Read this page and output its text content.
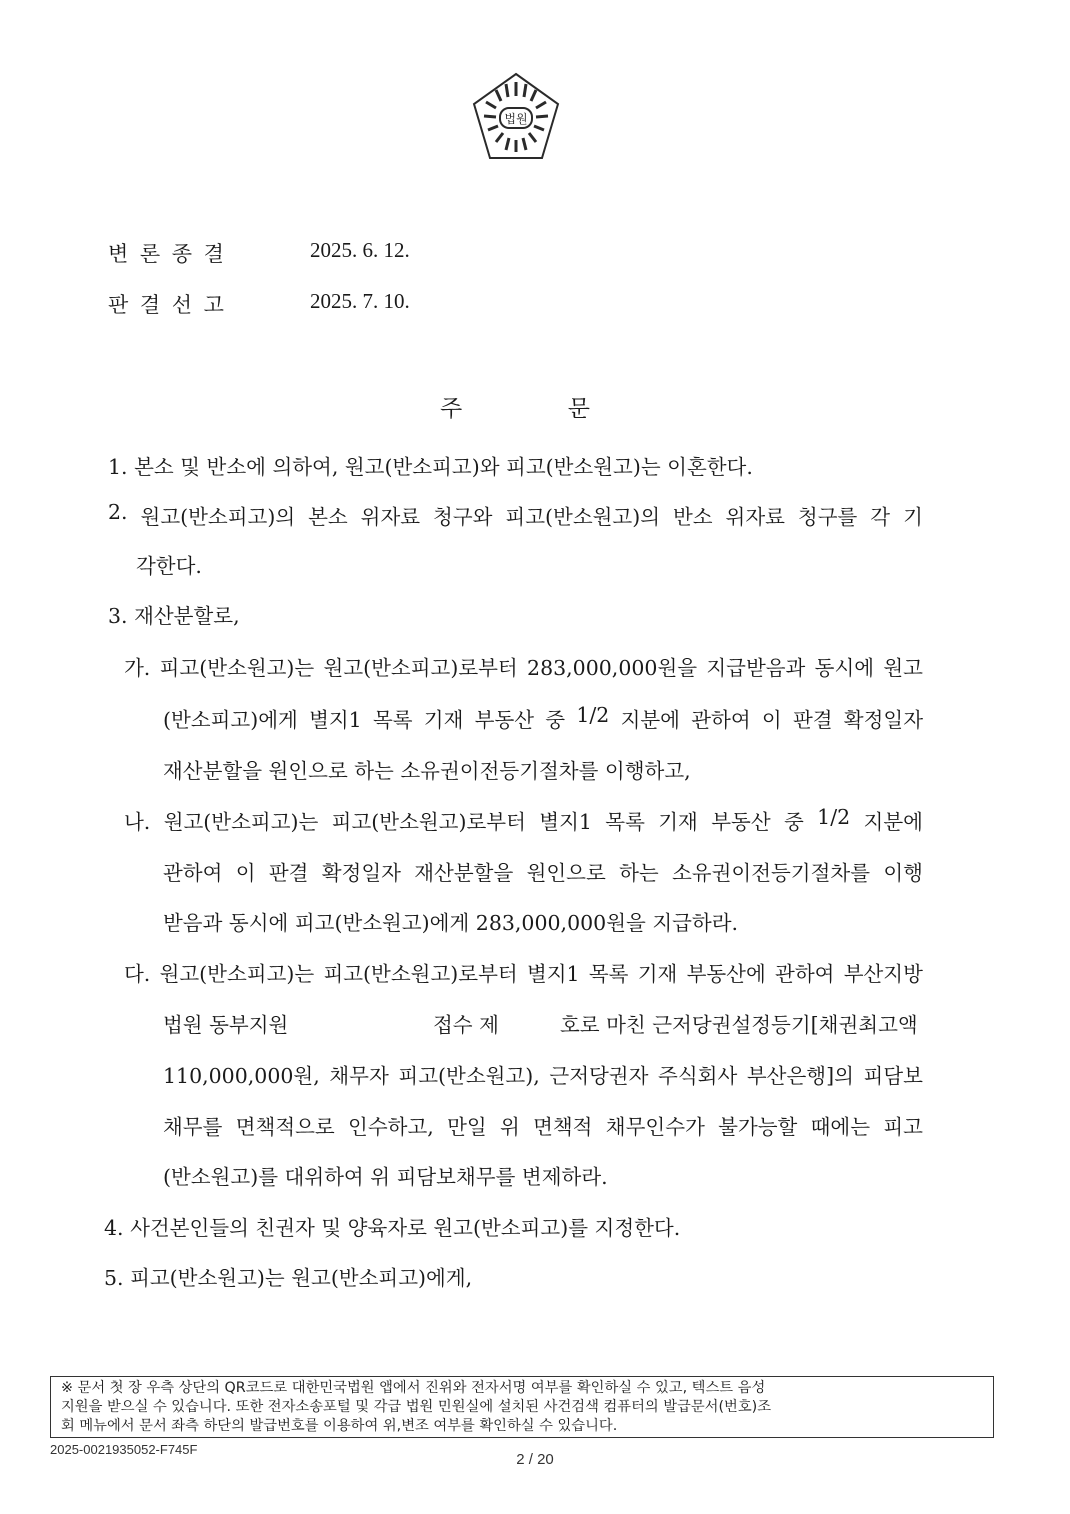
법원
변 론 종 결	2025. 6. 12.
판 결 선 고	2025. 7. 10.
주	문
1. 본소 및 반소에 의하여, 원고(반소피고)와 피고(반소원고)는 이혼한다.
2. 원고(반소피고)의 본소 위자료 청구와 피고(반소원고)의 반소 위자료 청구를 각 기
각한다.
3. 재산분할로,
가. 피고(반소원고)는 원고(반소피고)로부터 283,000,000원을 지급받음과 동시에 원고
(반소피고)에게 별지1 목록 기재 부동산 중 1/2 지분에 관하여 이 판결 확정일자
재산분할을 원인으로 하는 소유권이전등기절차를 이행하고,
나. 원고(반소피고)는 피고(반소원고)로부터 별지1 목록 기재 부동산 중 1/2 지분에
관하여 이 판결 확정일자 재산분할을 원인으로 하는 소유권이전등기절차를 이행
받음과 동시에 피고(반소원고)에게 283,000,000원을 지급하라.
다. 원고(반소피고)는 피고(반소원고)로부터 별지1 목록 기재 부동산에 관하여 부산지방
법원 동부지원	접수 제	호로 마친 근저당권설정등기[채권최고액
110,000,000원, 채무자 피고(반소원고), 근저당권자 주식회사 부산은행]의 피담보
채무를 면책적으로 인수하고, 만일 위 면책적 채무인수가 불가능할 때에는 피고
(반소원고)를 대위하여 위 피담보채무를 변제하라.
4. 사건본인들의 친권자 및 양육자로 원고(반소피고)를 지정한다.
5. 피고(반소원고)는 원고(반소피고)에게,
※ 문서 첫 장 우측 상단의 QR코드로 대한민국법원 앱에서 진위와 전자서명 여부를 확인하실 수 있고, 텍스트 음성
지원을 받으실 수 있습니다. 또한 전자소송포털 및 각급 법원 민원실에 설치된 사건검색 컴퓨터의 발급문서(번호)조
회 메뉴에서 문서 좌측 하단의 발급번호를 이용하여 위,변조 여부를 확인하실 수 있습니다.
2025-0021935052-F745F
2 / 20
